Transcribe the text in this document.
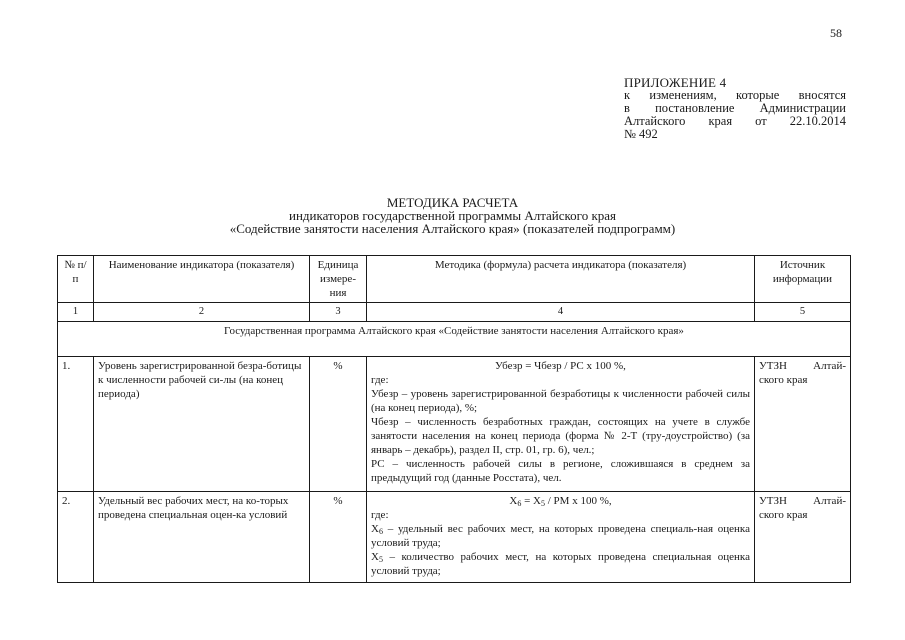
58
ПРИЛОЖЕНИЕ 4
к изменениям, которые вносятся
в постановление Администрации
Алтайского края от 22.10.2014
№ 492
МЕТОДИКА РАСЧЕТА
индикаторов государственной программы Алтайского края
«Содействие занятости населения Алтайского края» (показателей подпрограмм)
№ п/п	Наименование индикатора (показателя)	Единица измере-ния	Методика (формула) расчета индикатора (показателя)	Источник информации
1	2	3	4	5
Государственная программа Алтайского края «Содействие занятости населения Алтайского края»				
1.	Уровень зарегистрированной безра-ботицы к численности рабочей си-лы (на конец периода)	%	Убезр = Чбезр / РС х 100 %,
где:
Убезр – уровень зарегистрированной безработицы к численности рабочей силы (на конец периода), %;
Чбезр – численность безработных граждан, состоящих на учете в службе занятости населения на конец периода (форма № 2-Т (тру-доустройство) (за январь – декабрь), раздел II, стр. 01, гр. 6), чел.;
РС – численность рабочей силы в регионе, сложившаяся в среднем за предыдущий год (данные Росстата), чел.	УТЗН Алтай-ского края
2.	Удельный вес рабочих мест, на ко-торых проведена специальная оцен-ка условий	%	$X_6 = X_5$ / РМ х 100 %,
где:
$X_6$ – удельный вес рабочих мест, на которых проведена специаль-ная оценка условий труда;
$X_5$ – количество рабочих мест, на которых проведена специальная оценка условий труда;	УТЗН Алтай-ского края
